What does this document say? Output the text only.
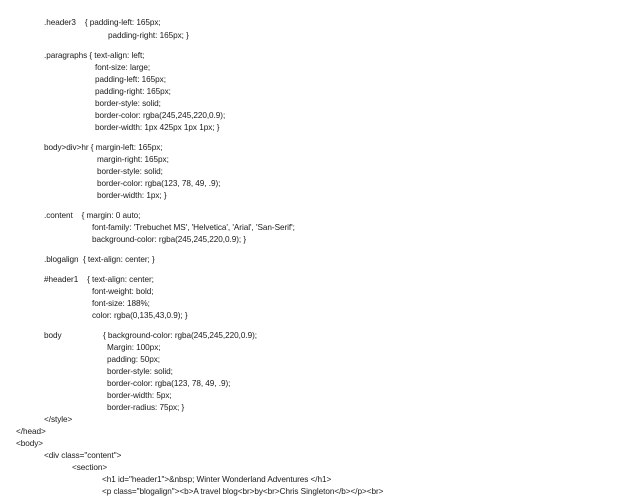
.header3    { padding-left: 165px;

padding-right: 165px; }

.paragraphs { text-align: left;

font-size: large;

padding-left: 165px;

padding-right: 165px;

border-style: solid;

border-color: rgba(245,245,220,0.9);

border-width: 1px 425px 1px 1px; }

body>div>hr { margin-left: 165px;

margin-right: 165px;

border-style: solid;

border-color: rgba(123, 78, 49, .9);

border-width: 1px; }

.content    { margin: 0 auto;

font-family: 'Trebuchet MS', 'Helvetica', 'Arial', 'San-Serif';

background-color: rgba(245,245,220,0.9); }

.blogalign  { text-align: center; }

#header1    { text-align: center;

font-weight: bold;

font-size: 188%;

color: rgba(0,135,43,0.9); }

body	{ background-color: rgba(245,245,220,0.9);

Margin: 100px;

padding: 50px;

border-style: solid;

border-color: rgba(123, 78, 49, .9);

border-width: 5px;

border-radius: 75px; }

</style>

</head>

<body>

<div class="content">

<section>

<h1 id="header1">&nbsp; Winter Wonderland Adventures </h1>

<p class="blogalign"><b>A travel blog<br>by<br>Chris Singleton</b></p><br>
